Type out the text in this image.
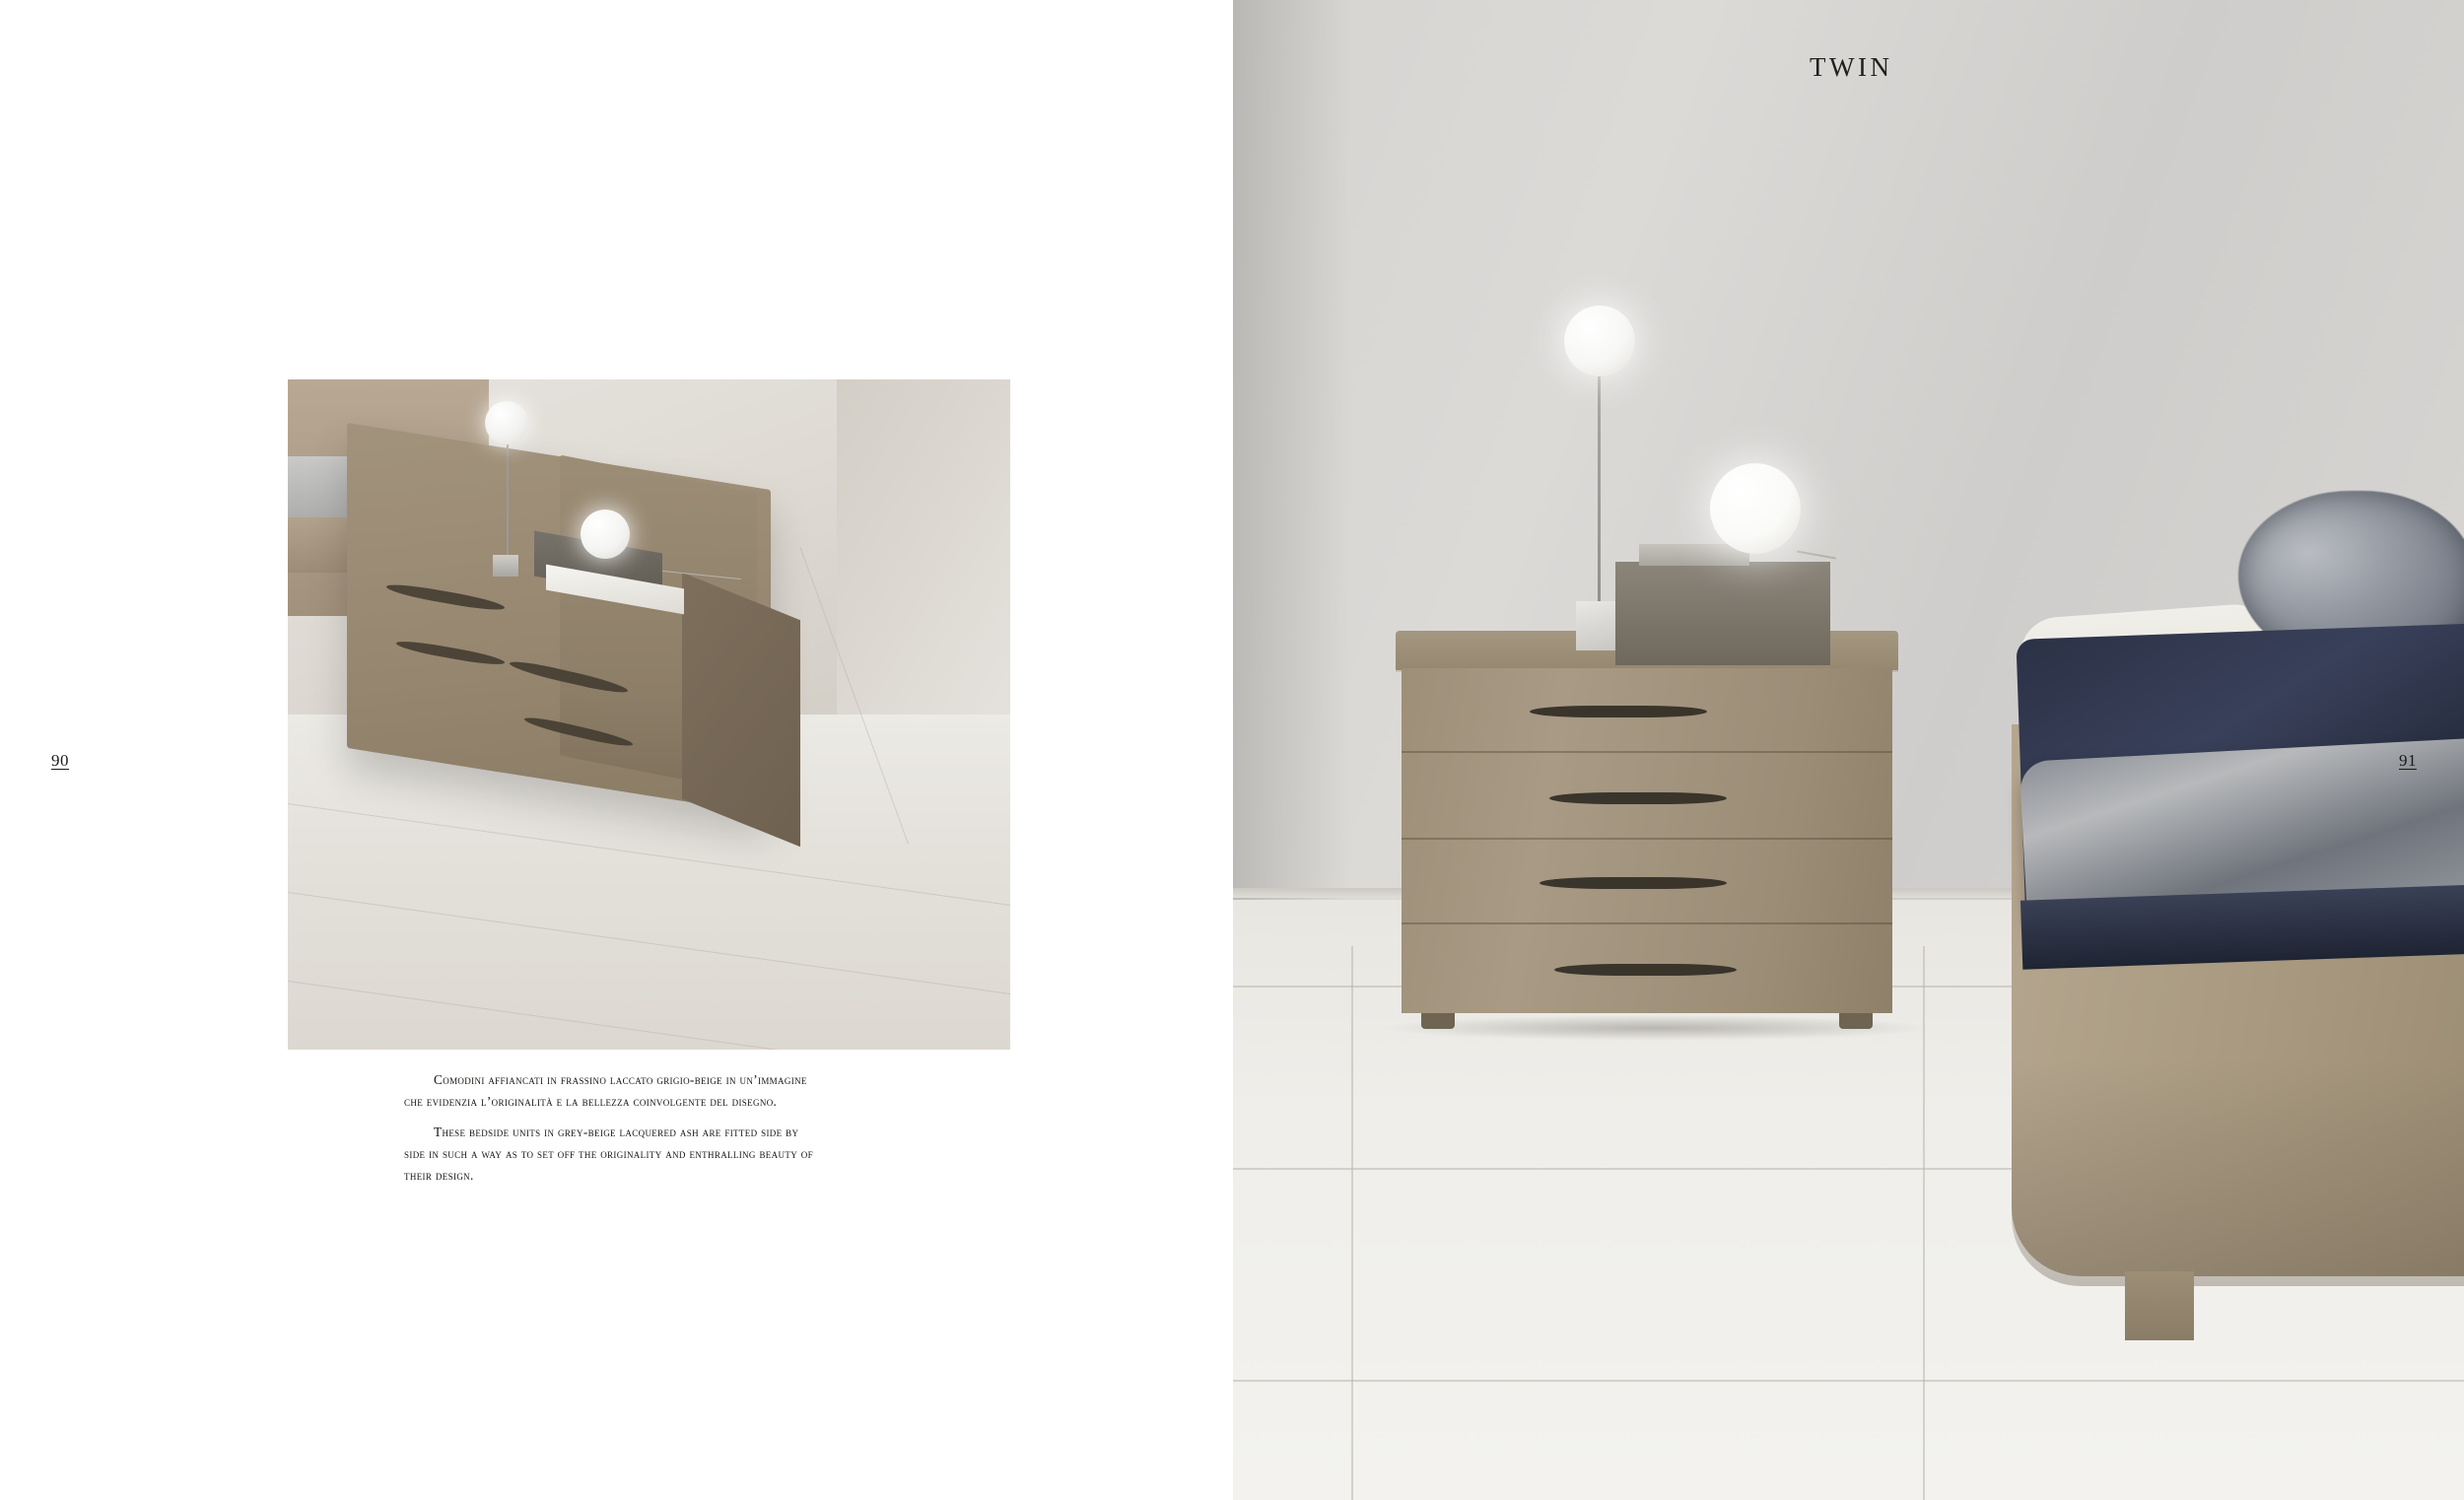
90

Comodini affiancati in frassino laccato grigio-beige in un’immagine che evidenzia l’originalità e la bellezza coinvolgente del disegno.

These bedside units in grey-beige lacquered ash are fitted side by side in such a way as to set off the originality and enthralling beauty of their design.

TWIN
91
